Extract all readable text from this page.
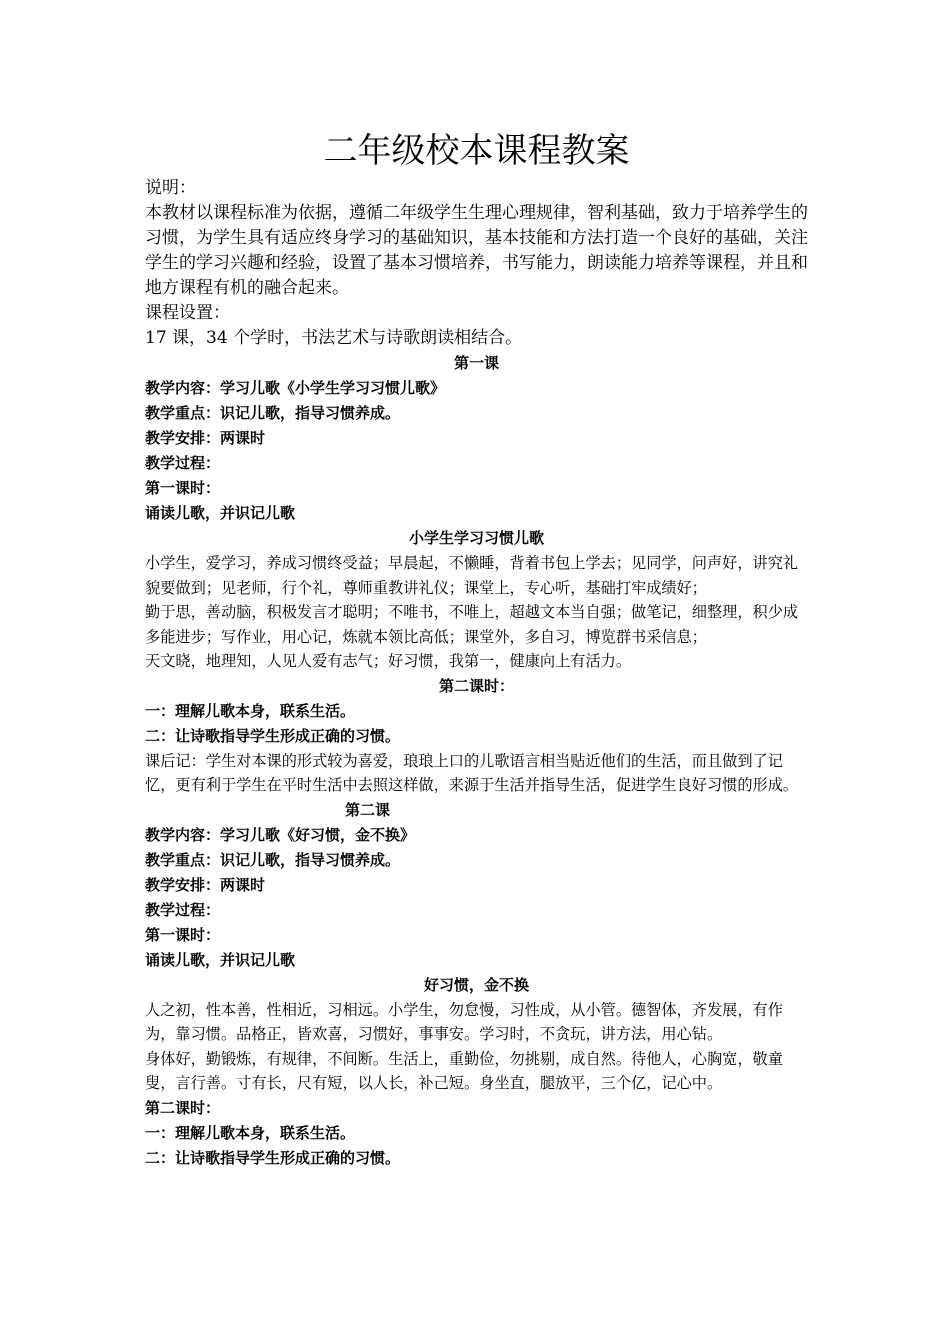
二年级校本课程教案

说明：

本教材以课程标准为依据，遵循二年级学生生理心理规律，智利基础，致力于培养学生的习惯，为学生具有适应终身学习的基础知识，基本技能和方法打造一个良好的基础，关注学生的学习兴趣和经验，设置了基本习惯培养，书写能力，朗读能力培养等课程，并且和地方课程有机的融合起来。

课程设置：

17 课，34 个学时，书法艺术与诗歌朗读相结合。

第一课

教学内容：学习儿歌《小学生学习习惯儿歌》

教学重点：识记儿歌，指导习惯养成。

教学安排：两课时

教学过程：

第一课时：

诵读儿歌，并识记儿歌

小学生学习习惯儿歌

小学生，爱学习，养成习惯终受益；早晨起，不懒睡，背着书包上学去；见同学，问声好，讲究礼貌要做到；见老师，行个礼，尊师重教讲礼仪；课堂上，专心听，基础打牢成绩好；

勤于思，善动脑，积极发言才聪明；不唯书，不唯上，超越文本当自强；做笔记，细整理，积少成多能进步；写作业，用心记，炼就本领比高低；课堂外，多自习，博览群书采信息；

天文晓，地理知，人见人爱有志气；好习惯，我第一，健康向上有活力。

第二课时：

一：理解儿歌本身，联系生活。

二：让诗歌指导学生形成正确的习惯。

课后记：学生对本课的形式较为喜爱，琅琅上口的儿歌语言相当贴近他们的生活，而且做到了记忆，更有利于学生在平时生活中去照这样做，来源于生活并指导生活，促进学生良好习惯的形成。

第二课

教学内容：学习儿歌《好习惯，金不换》

教学重点：识记儿歌，指导习惯养成。

教学安排：两课时

教学过程：

第一课时：

诵读儿歌，并识记儿歌

好习惯，金不换

人之初，性本善，性相近，习相远。小学生，勿怠慢，习性成，从小管。德智体，齐发展，有作为，靠习惯。品格正，皆欢喜，习惯好，事事安。学习时，不贪玩，讲方法，用心钻。

身体好，勤锻炼，有规律，不间断。生活上，重勤俭，勿挑剔，成自然。待他人，心胸宽，敬童叟，言行善。寸有长，尺有短，以人长，补己短。身坐直，腿放平，三个亿，记心中。

第二课时：

一：理解儿歌本身，联系生活。

二：让诗歌指导学生形成正确的习惯。
